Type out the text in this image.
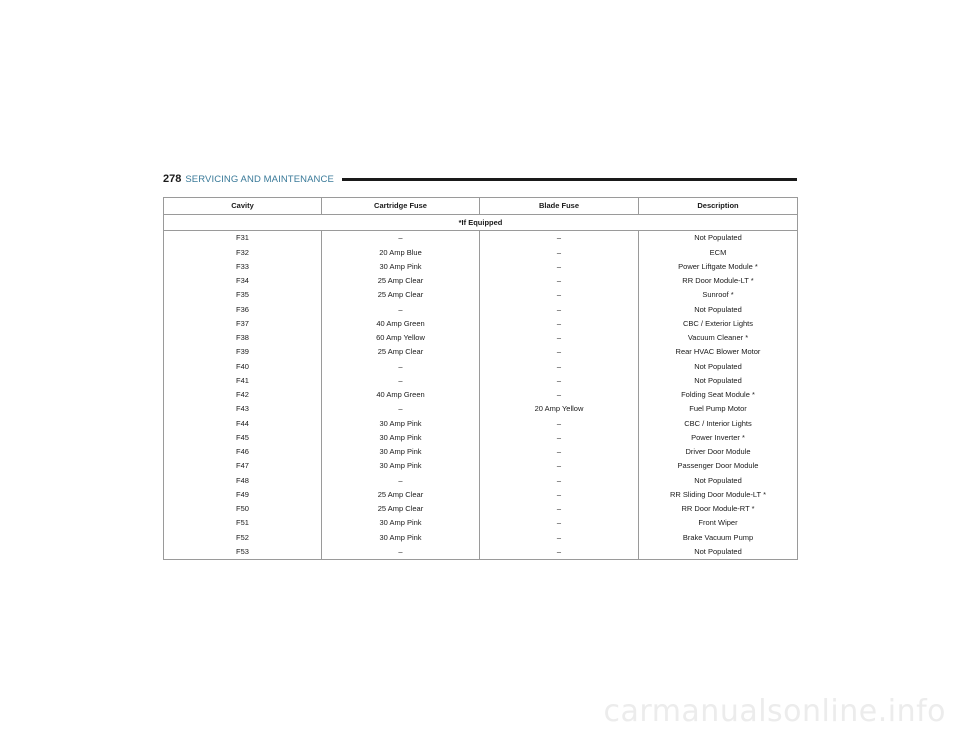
278 SERVICING AND MAINTENANCE
Cavity	Cartridge Fuse	Blade Fuse	Description
*If Equipped			
F31	–	–	Not Populated
F32	20 Amp Blue	–	ECM
F33	30 Amp Pink	–	Power Liftgate Module *
F34	25 Amp Clear	–	RR Door Module-LT *
F35	25 Amp Clear	–	Sunroof *
F36	–	–	Not Populated
F37	40 Amp Green	–	CBC / Exterior Lights
F38	60 Amp Yellow	–	Vacuum Cleaner *
F39	25 Amp Clear	–	Rear HVAC Blower Motor
F40	–	–	Not Populated
F41	–	–	Not Populated
F42	40 Amp Green	–	Folding Seat Module *
F43	–	20 Amp Yellow	Fuel Pump Motor
F44	30 Amp Pink	–	CBC / Interior Lights
F45	30 Amp Pink	–	Power Inverter *
F46	30 Amp Pink	–	Driver Door Module
F47	30 Amp Pink	–	Passenger Door Module
F48	–	–	Not Populated
F49	25 Amp Clear	–	RR Sliding Door Module-LT *
F50	25 Amp Clear	–	RR Door Module-RT *
F51	30 Amp Pink	–	Front Wiper
F52	30 Amp Pink	–	Brake Vacuum Pump
F53	–	–	Not Populated
carmanualsonline.info
